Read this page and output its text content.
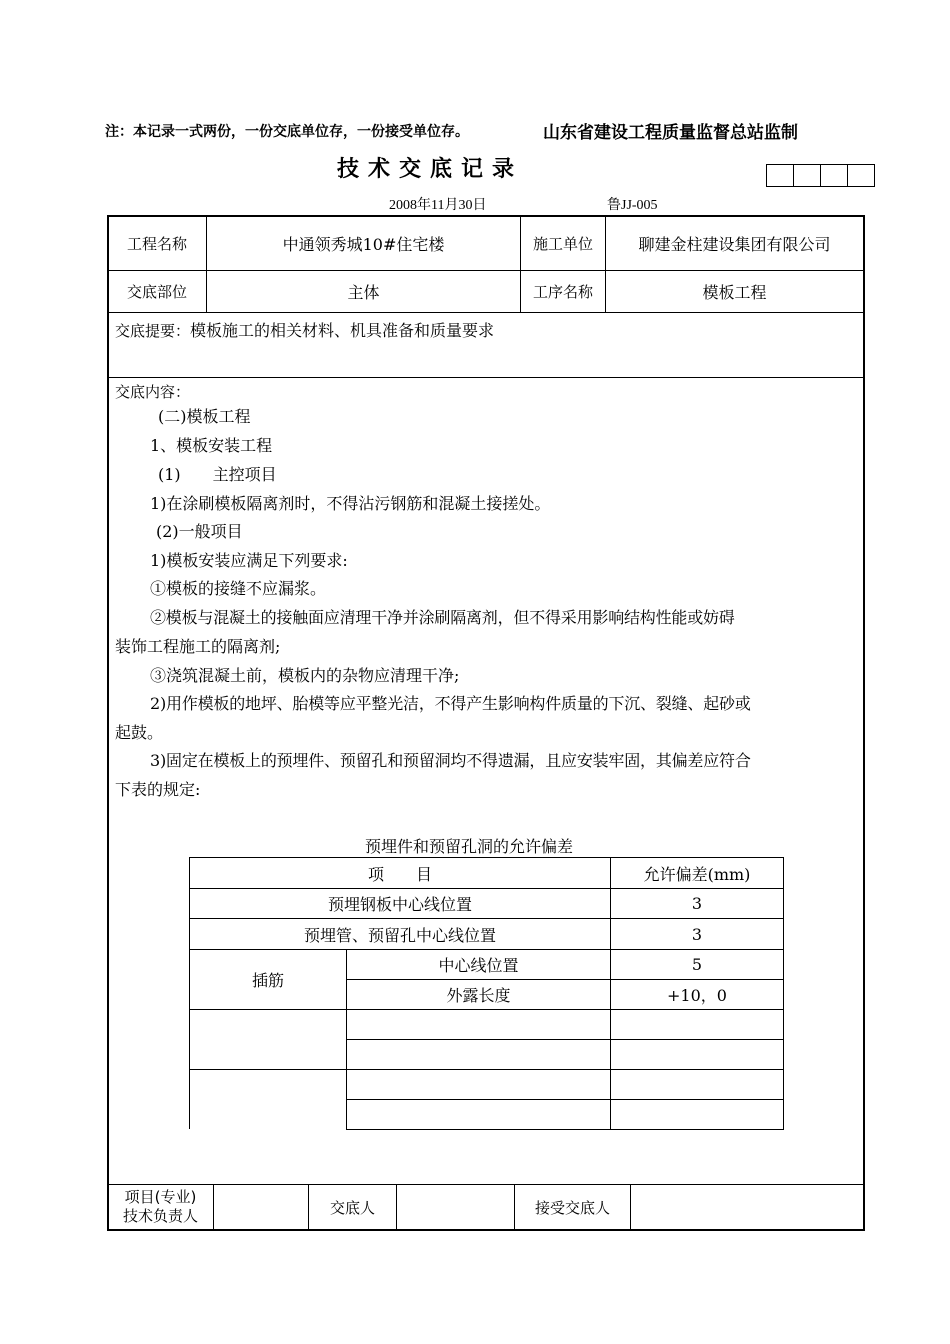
注：本记录一式两份，一份交底单位存，一份接受单位存。	山东省建设工程质量监督总站监制
技术交底记录
2008年11月30日	鲁JJ-005
工程名称	中通领秀城10#住宅楼	施工单位	聊建金柱建设集团有限公司
交底部位	主体	工序名称	模板工程
交底提要：模板施工的相关材料、机具准备和质量要求
交底内容：
(二)模板工程
1、模板安装工程
(1)　　主控项目
1)在涂刷模板隔离剂时，不得沾污钢筋和混凝土接搓处。
(2)一般项目
1)模板安装应满足下列要求:
①模板的接缝不应漏浆。
②模板与混凝土的接触面应清理干净并涂刷隔离剂，但不得采用影响结构性能或妨碍
装饰工程施工的隔离剂;
③浇筑混凝土前，模板内的杂物应清理干净;
2)用作模板的地坪、胎模等应平整光洁，不得产生影响构件质量的下沉、裂缝、起砂或
起鼓。
3)固定在模板上的预埋件、预留孔和预留洞均不得遗漏，且应安装牢固，其偏差应符合
下表的规定:
预埋件和预留孔洞的允许偏差
项　　目	允许偏差(mm)
预埋钢板中心线位置	3
预埋管、预留孔中心线位置	3
插筋
中心线位置	5
外露长度	+10，0
项目(专业)
技术负责人	交底人	接受交底人
